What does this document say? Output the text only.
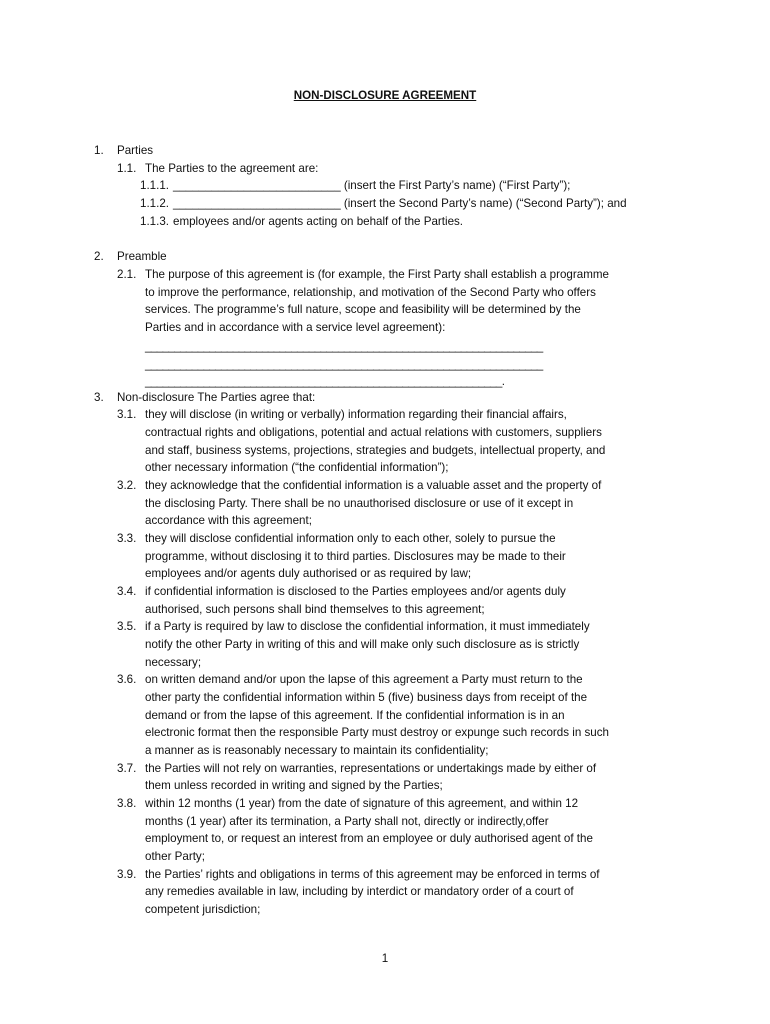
NON-DISCLOSURE AGREEMENT
1. Parties
1.1. The Parties to the agreement are:
1.1.1. __________________________ (insert the First Party’s name) (“First Party”);
1.1.2. __________________________ (insert the Second Party’s name) (“Second Party”); and
1.1.3. employees and/or agents acting on behalf of the Parties.
2. Preamble
2.1. The purpose of this agreement is (for example, the First Party shall establish a programme
to improve the performance, relationship, and motivation of the Second Party who offers
services. The programme’s full nature, scope and feasibility will be determined by the
Parties and in accordance with a service level agreement):
____________________________________________________________________
____________________________________________________________________
_____________________________________________________________.
3. Non-disclosure The Parties agree that:
3.1. they will disclose (in writing or verbally) information regarding their financial affairs,
contractual rights and obligations, potential and actual relations with customers, suppliers
and staff, business systems, projections, strategies and budgets, intellectual property, and
other necessary information (“the confidential information”);
3.2. they acknowledge that the confidential information is a valuable asset and the property of
the disclosing Party. There shall be no unauthorised disclosure or use of it except in
accordance with this agreement;
3.3. they will disclose confidential information only to each other, solely to pursue the
programme, without disclosing it to third parties. Disclosures may be made to their
employees and/or agents duly authorised or as required by law;
3.4. if confidential information is disclosed to the Parties employees and/or agents duly
authorised, such persons shall bind themselves to this agreement;
3.5. if a Party is required by law to disclose the confidential information, it must immediately
notify the other Party in writing of this and will make only such disclosure as is strictly
necessary;
3.6. on written demand and/or upon the lapse of this agreement a Party must return to the
other party the confidential information within 5 (five) business days from receipt of the
demand or from the lapse of this agreement. If the confidential information is in an
electronic format then the responsible Party must destroy or expunge such records in such
a manner as is reasonably necessary to maintain its confidentiality;
3.7. the Parties will not rely on warranties, representations or undertakings made by either of
them unless recorded in writing and signed by the Parties;
3.8. within 12 months (1 year) from the date of signature of this agreement, and within 12
months (1 year) after its termination, a Party shall not, directly or indirectly,offer
employment to, or request an interest from an employee or duly authorised agent of the
other Party;
3.9. the Parties’ rights and obligations in terms of this agreement may be enforced in terms of
any remedies available in law, including by interdict or mandatory order of a court of
competent jurisdiction;
1
